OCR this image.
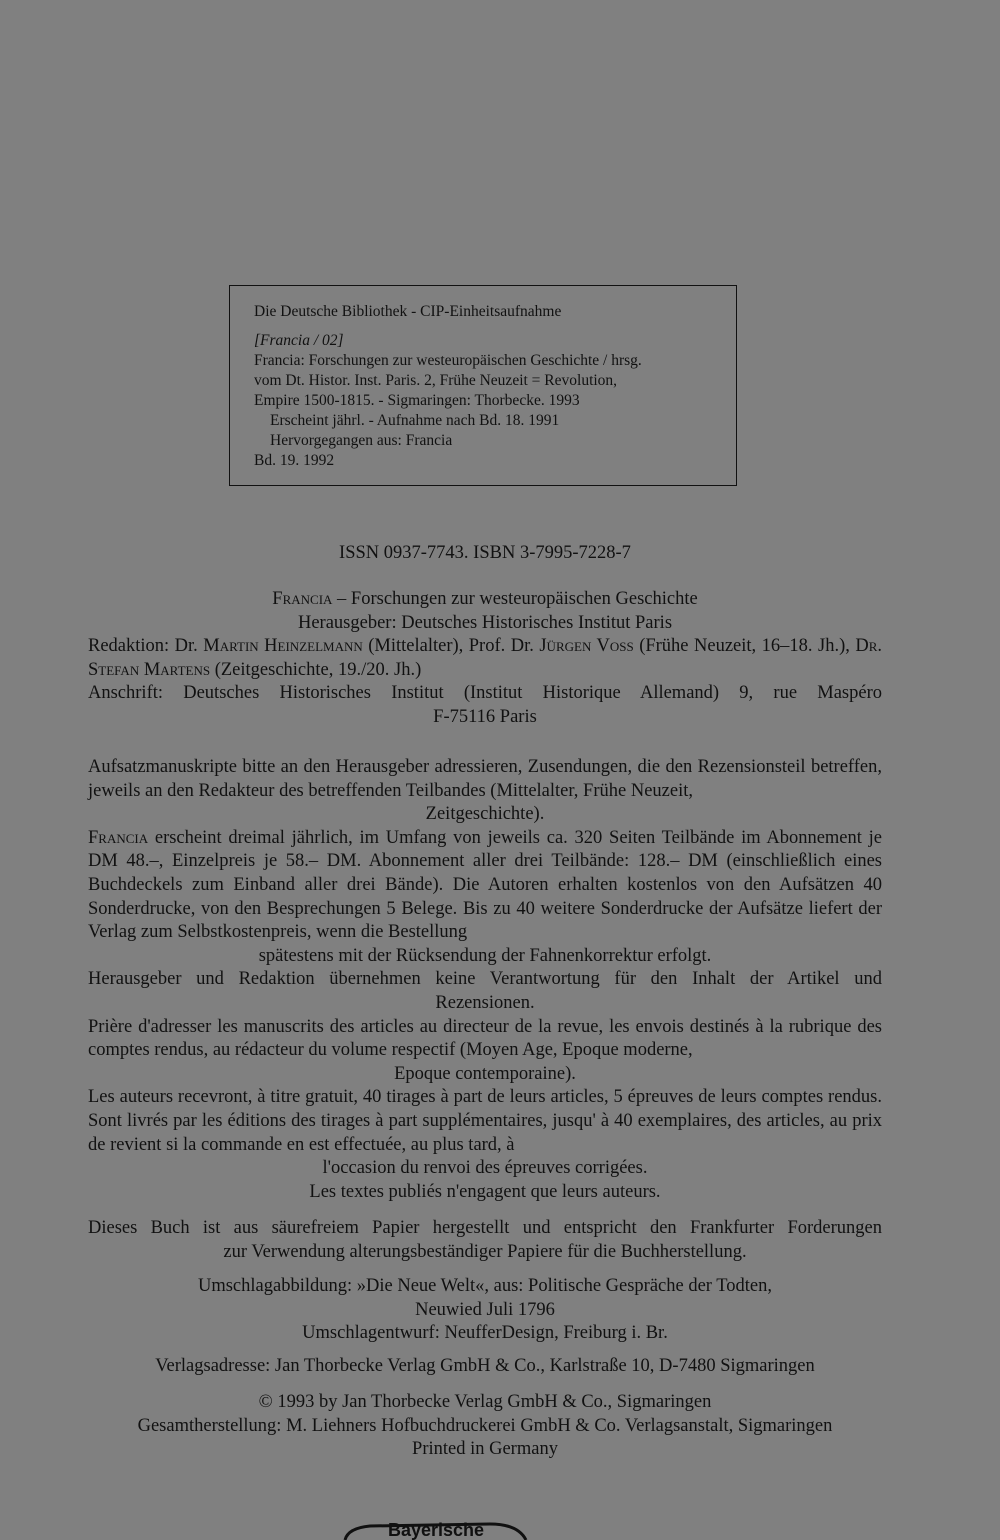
Die Deutsche Bibliothek - CIP-Einheitsaufnahme
[Francia / 02]
Francia: Forschungen zur westeuropäischen Geschichte / hrsg.
vom Dt. Histor. Inst. Paris. 2, Frühe Neuzeit = Revolution,
Empire 1500-1815. - Sigmaringen: Thorbecke. 1993
Erscheint jährl. - Aufnahme nach Bd. 18. 1991
Hervorgegangen aus: Francia
Bd. 19. 1992
ISSN 0937-7743. ISBN 3-7995-7228-7
Francia – Forschungen zur westeuropäischen Geschichte
Herausgeber: Deutsches Historisches Institut Paris
Redaktion: Dr. Martin Heinzelmann (Mittelalter), Prof. Dr. Jürgen Voss (Frühe Neuzeit, 16–18. Jh.), Dr. Stefan Martens (Zeitgeschichte, 19./20. Jh.)
Anschrift: Deutsches Historisches Institut (Institut Historique Allemand) 9, rue Maspéro
F-75116 Paris
Aufsatzmanuskripte bitte an den Herausgeber adressieren, Zusendungen, die den Rezensionsteil betreffen, jeweils an den Redakteur des betreffenden Teilbandes (Mittelalter, Frühe Neuzeit,
Zeitgeschichte).
Francia erscheint dreimal jährlich, im Umfang von jeweils ca. 320 Seiten Teilbände im Abonnement je DM 48.–, Einzelpreis je 58.– DM. Abonnement aller drei Teilbände: 128.– DM (einschließlich eines Buchdeckels zum Einband aller drei Bände). Die Autoren erhalten kostenlos von den Aufsätzen 40 Sonderdrucke, von den Besprechungen 5 Belege. Bis zu 40 weitere Sonderdrucke der Aufsätze liefert der Verlag zum Selbstkostenpreis, wenn die Bestellung
spätestens mit der Rücksendung der Fahnenkorrektur erfolgt.
Herausgeber und Redaktion übernehmen keine Verantwortung für den Inhalt der Artikel und
Rezensionen.
Prière d'adresser les manuscrits des articles au directeur de la revue, les envois destinés à la rubrique des comptes rendus, au rédacteur du volume respectif (Moyen Age, Epoque moderne,
Epoque contemporaine).
Les auteurs recevront, à titre gratuit, 40 tirages à part de leurs articles, 5 épreuves de leurs comptes rendus. Sont livrés par les éditions des tirages à part supplémentaires, jusqu' à 40 exemplaires, des articles, au prix de revient si la commande en est effectuée, au plus tard, à
l'occasion du renvoi des épreuves corrigées.
Les textes publiés n'engagent que leurs auteurs.
Dieses Buch ist aus säurefreiem Papier hergestellt und entspricht den Frankfurter Forderungen
zur Verwendung alterungsbeständiger Papiere für die Buchherstellung.
Umschlagabbildung: »Die Neue Welt«, aus: Politische Gespräche der Todten,
Neuwied Juli 1796
Umschlagentwurf: NeufferDesign, Freiburg i. Br.
Verlagsadresse: Jan Thorbecke Verlag GmbH & Co., Karlstraße 10, D-7480 Sigmaringen
© 1993 by Jan Thorbecke Verlag GmbH & Co., Sigmaringen
Gesamtherstellung: M. Liehners Hofbuchdruckerei GmbH & Co. Verlagsanstalt, Sigmaringen
Printed in Germany
Bayerische
